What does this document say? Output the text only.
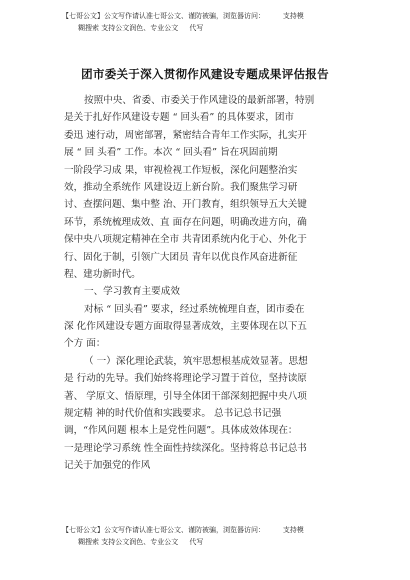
【七哥公文】公文写作请认准七哥公文、谨防被骗，浏览器访问：	支持模
糊搜索 支持公文润色、专业公文 代写
团市委关于深入贯彻作风建设专题成果评估报告
按照中央、省委、市委关于作风建设的最新部署，特别
是关于扎好作风建设专题 “ 回头看” 的具体要求，团市
委迅 速行动，周密部署，紧密结合青年工作实际，扎实开
展 “ 回 头看” 工作。本次 “ 回头看” 旨在巩固前期
一阶段学习成 果，审视检视工作短板，深化问题整治实
效，推动全系统作 风建设迈上新台阶。我们聚焦学习研
讨、查摆问题、集中整 治、开门教育，组织领导五大关键
环节，系统梳理成效、直 面存在问题，明确改进方向，确
保中央八项规定精神在全市 共青团系统内化于心、外化于
行、固化于制，引领广大团员 青年以优良作风奋进新征
程、建功新时代。
一、学习教育主要成效
对标 “ 回头看” 要求，经过系统梳理自查，团市委在
深 化作风建设专题方面取得显著成效，主要体现在以下五
个方 面：
（ 一）深化理论武装，筑牢思想根基成效显著。思想
是 行动的先导。我们始终将理论学习置于首位，坚持读原
著、 学原文、悟原理，引导全体团干部深刻把握中央八项
规定精 神的时代价值和实践要求。 总书记总书记强
调，“作风问题 根本上是党性问题”。具体成效体现在：
一是理论学习系统 性全面性持续深化。坚持将总书记总书
记关于加强党的作风
【七哥公文】公文写作请认准七哥公文、谨防被骗，浏览器访问：	支持模
糊搜索 支持公文润色、专业公文 代写
